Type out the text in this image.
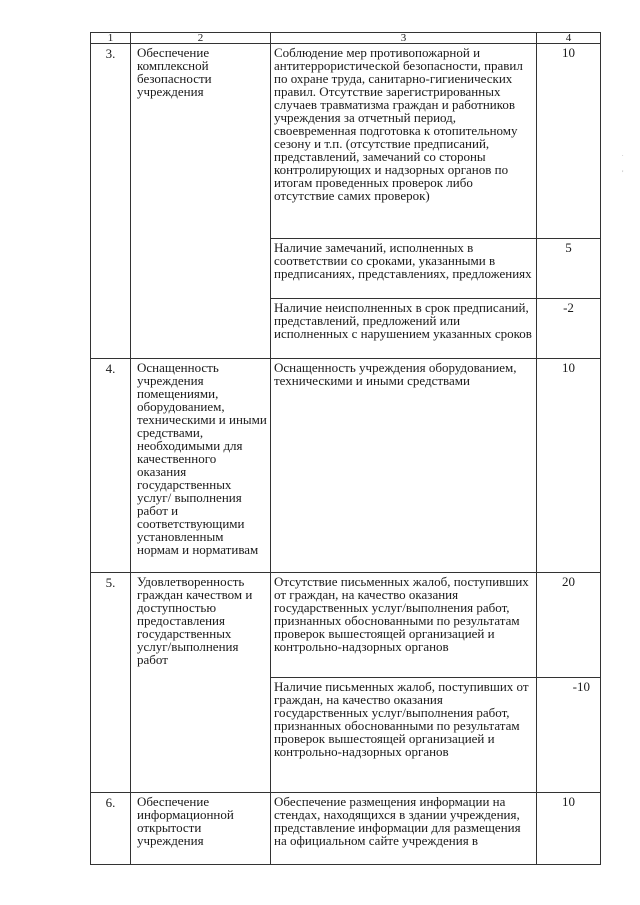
1	2	3	4
3.	Обеспечение комплексной безопасности учреждения	Соблюдение мер противопожарной и антитеррористической безопасности, правил по охране труда, санитарно-гигиенических правил. Отсутствие зарегистрированных случаев травматизма граждан и работников учреждения за отчетный период, своевременная подготовка к отопительному сезону и т.п. (отсутствие предписаний, представлений, замечаний со стороны контролирующих и надзорных органов по итогам проведенных проверок либо отсутствие самих проверок)	10
		Наличие замечаний, исполненных в соответствии со сроками, указанными в предписаниях, представлениях, предложениях	5
		Наличие неисполненных в срок предписаний, представлений, предложений или исполненных с нарушением указанных сроков	-2
4.	Оснащенность учреждения помещениями, оборудованием, техническими и иными средствами, необходимыми для качественного оказания государственных услуг/ выполнения работ и соответствующими установленным нормам и нормативам	Оснащенность учреждения оборудованием, техническими и иными средствами	10
5.	Удовлетворенность граждан качеством и доступностью предоставления государственных услуг/выполнения работ	Отсутствие письменных жалоб, поступивших от граждан, на качество оказания государственных услуг/выполнения работ, признанных обоснованными по результатам проверок вышестоящей организацией и контрольно-надзорных органов	20
		Наличие письменных жалоб, поступивших от граждан, на качество оказания государственных услуг/выполнения работ, признанных обоснованными по результатам проверок вышестоящей организацией и контрольно-надзорных органов	-10
6.	Обеспечение информационной открытости учреждения	Обеспечение размещения информации на стендах, находящихся в здании учреждения, представление информации для размещения на официальном сайте учреждения в	10
.
,
